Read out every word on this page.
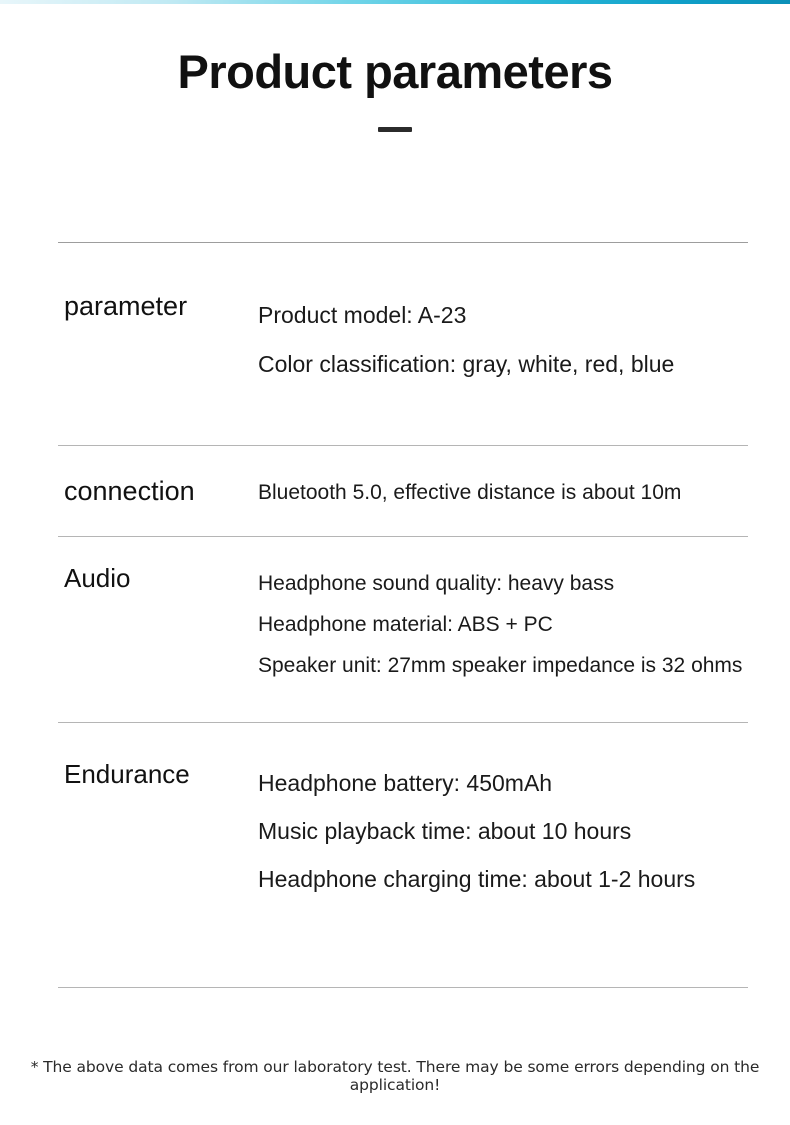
Product parameters
parameter	Product model: A-23
Color classification: gray, white, red, blue
connection	Bluetooth 5.0, effective distance is about 10m
Audio	Headphone sound quality: heavy bass
Headphone material: ABS + PC
Speaker unit: 27mm speaker impedance is 32 ohms
Endurance	Headphone battery: 450mAh
Music playback time: about 10 hours
Headphone charging time: about 1-2 hours
* The above data comes from our laboratory test. There may be some errors depending on the application!
